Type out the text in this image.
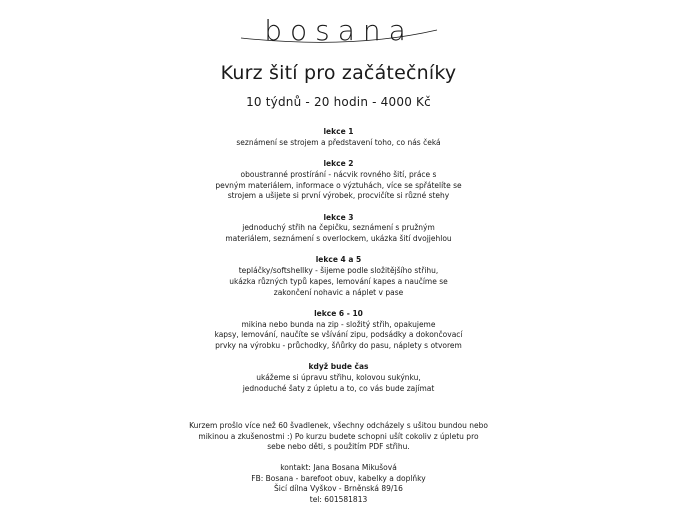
bosana
Kurz šití pro začátečníky
10 týdnů - 20 hodin - 4000 Kč
lekce 1
seznámení se strojem a představení toho, co nás čeká
lekce 2
oboustranné prostírání - nácvik rovného šití, práce s
pevným materiálem, informace o výztuhách, více se spřátelíte se
strojem a ušijete si první výrobek, procvičíte si různé stehy
lekce 3
jednoduchý střih na čepičku, seznámení s pružným
materiálem, seznámení s overlockem, ukázka šití dvojjehlou
lekce 4 a 5
tepláčky/softshellky - šijeme podle složitějšího střihu,
ukázka různých typů kapes, lemování kapes a naučíme se
zakončení nohavic a náplet v pase
lekce 6 - 10
mikina nebo bunda na zip - složitý střih, opakujeme
kapsy, lemování, naučíte se všívání zipu, podsádky a dokončovací
prvky na výrobku - průchodky, šňůrky do pasu, náplety s otvorem
když bude čas
ukážeme si úpravu střihu, kolovou sukýnku,
jednoduché šaty z úpletu a to, co vás bude zajímat
Kurzem prošlo více než 60 švadlenek, všechny odcházely s ušitou bundou nebo
mikinou a zkušenostmi :) Po kurzu budete schopni ušít cokoliv z úpletu pro
sebe nebo děti, s použitím PDF střihu.
kontakt: Jana Bosana Mikušová
FB: Bosana - barefoot obuv, kabelky a doplňky
Šicí dílna Vyškov - Brněnská 89/16
tel: 601581813
